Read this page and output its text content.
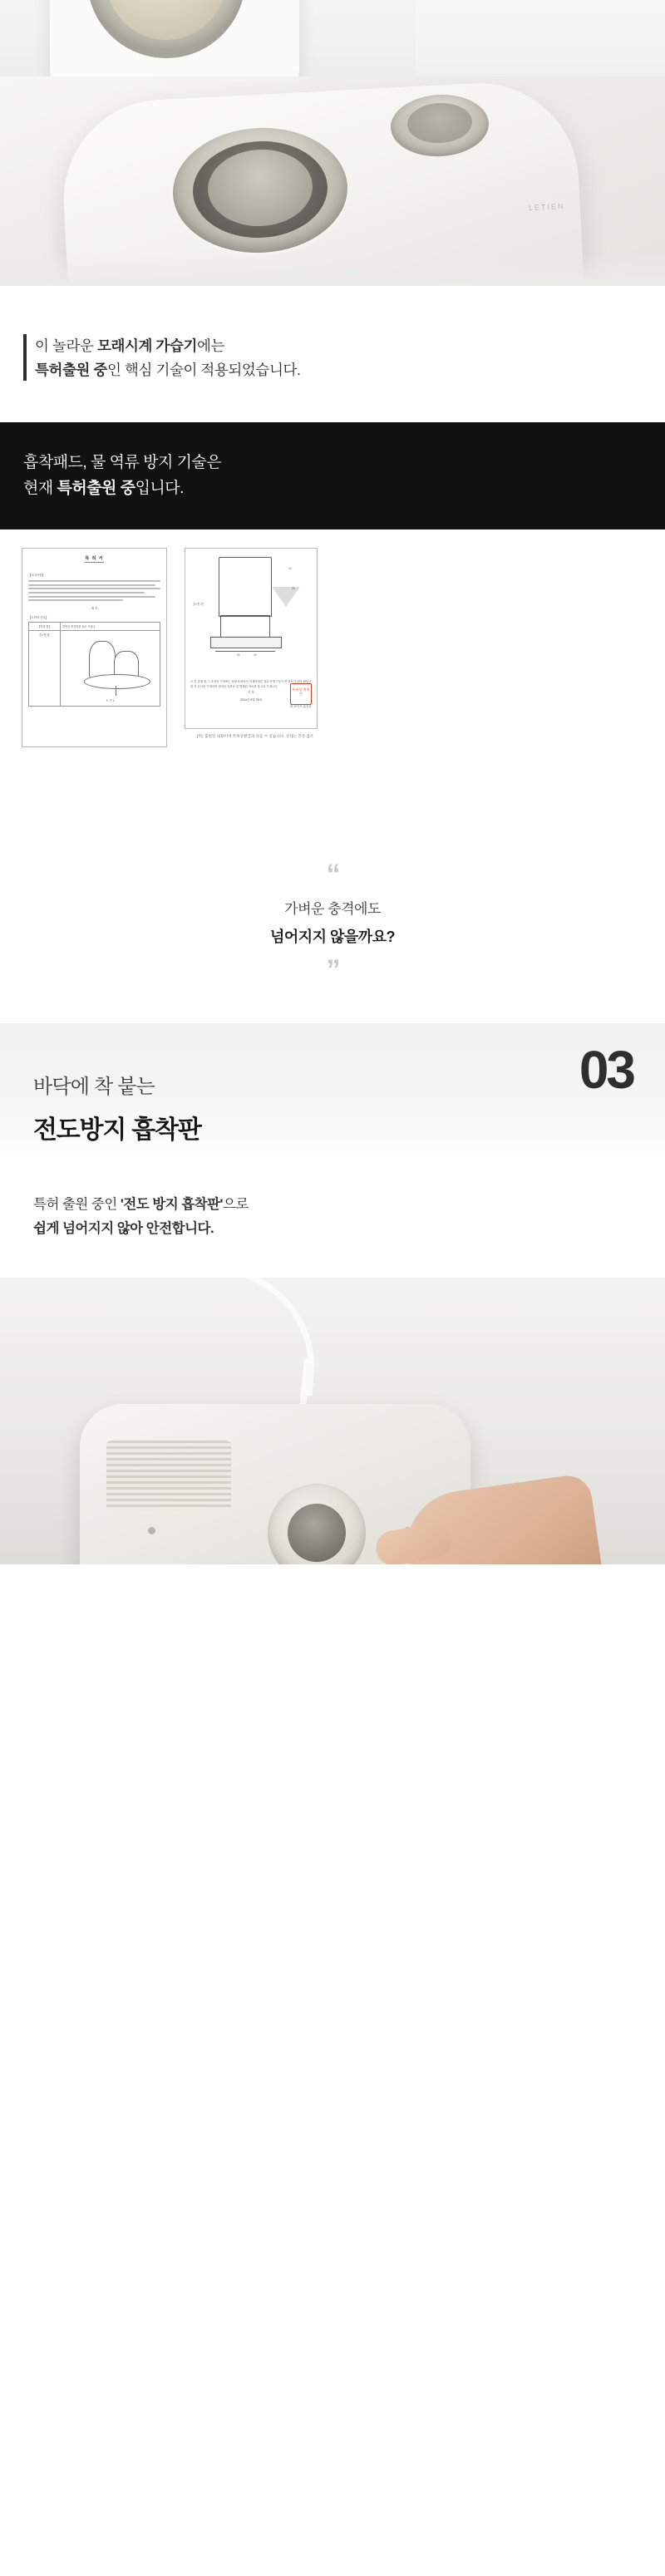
LETIEN

이 놀라운 모래시계 가습기에는

특허출원 중인 핵심 기술이 적용되었습니다.

흡착패드, 물 역류 방지 기술은

현재 특허출원 중입니다.

특 허 서
【서지사항】
- 계 속 -
【도면의 간단】
【명칭 명】	발명의 명칭명을 참조 사항다
【도면 1】	도 면 1
【도면 2】
10
20
30	40
※ 본 출원 및 그 과정의 기재에는 상황에 따라서 지체방법론 검토 증빙구성 도면 정보가 되며 해당사항 본 공산을 기재되며 대비한 특허증 및 발행된 자료를 참고로 기재니다.
- 이 하 -
2024년 5월 26일
대 표이사 홍길동
특허청 출원인
[주]: 출원된 내용이며 특허증발급과 다를 수 있습니다. 상세는 본문 참조
“
가벼운 충격에도
넘어지지 않을까요?
”
03
바닥에 착 붙는
전도방지 흡착판

특허 출원 중인 '전도 방지 흡착판'으로

쉽게 넘어지지 않아 안전합니다.
